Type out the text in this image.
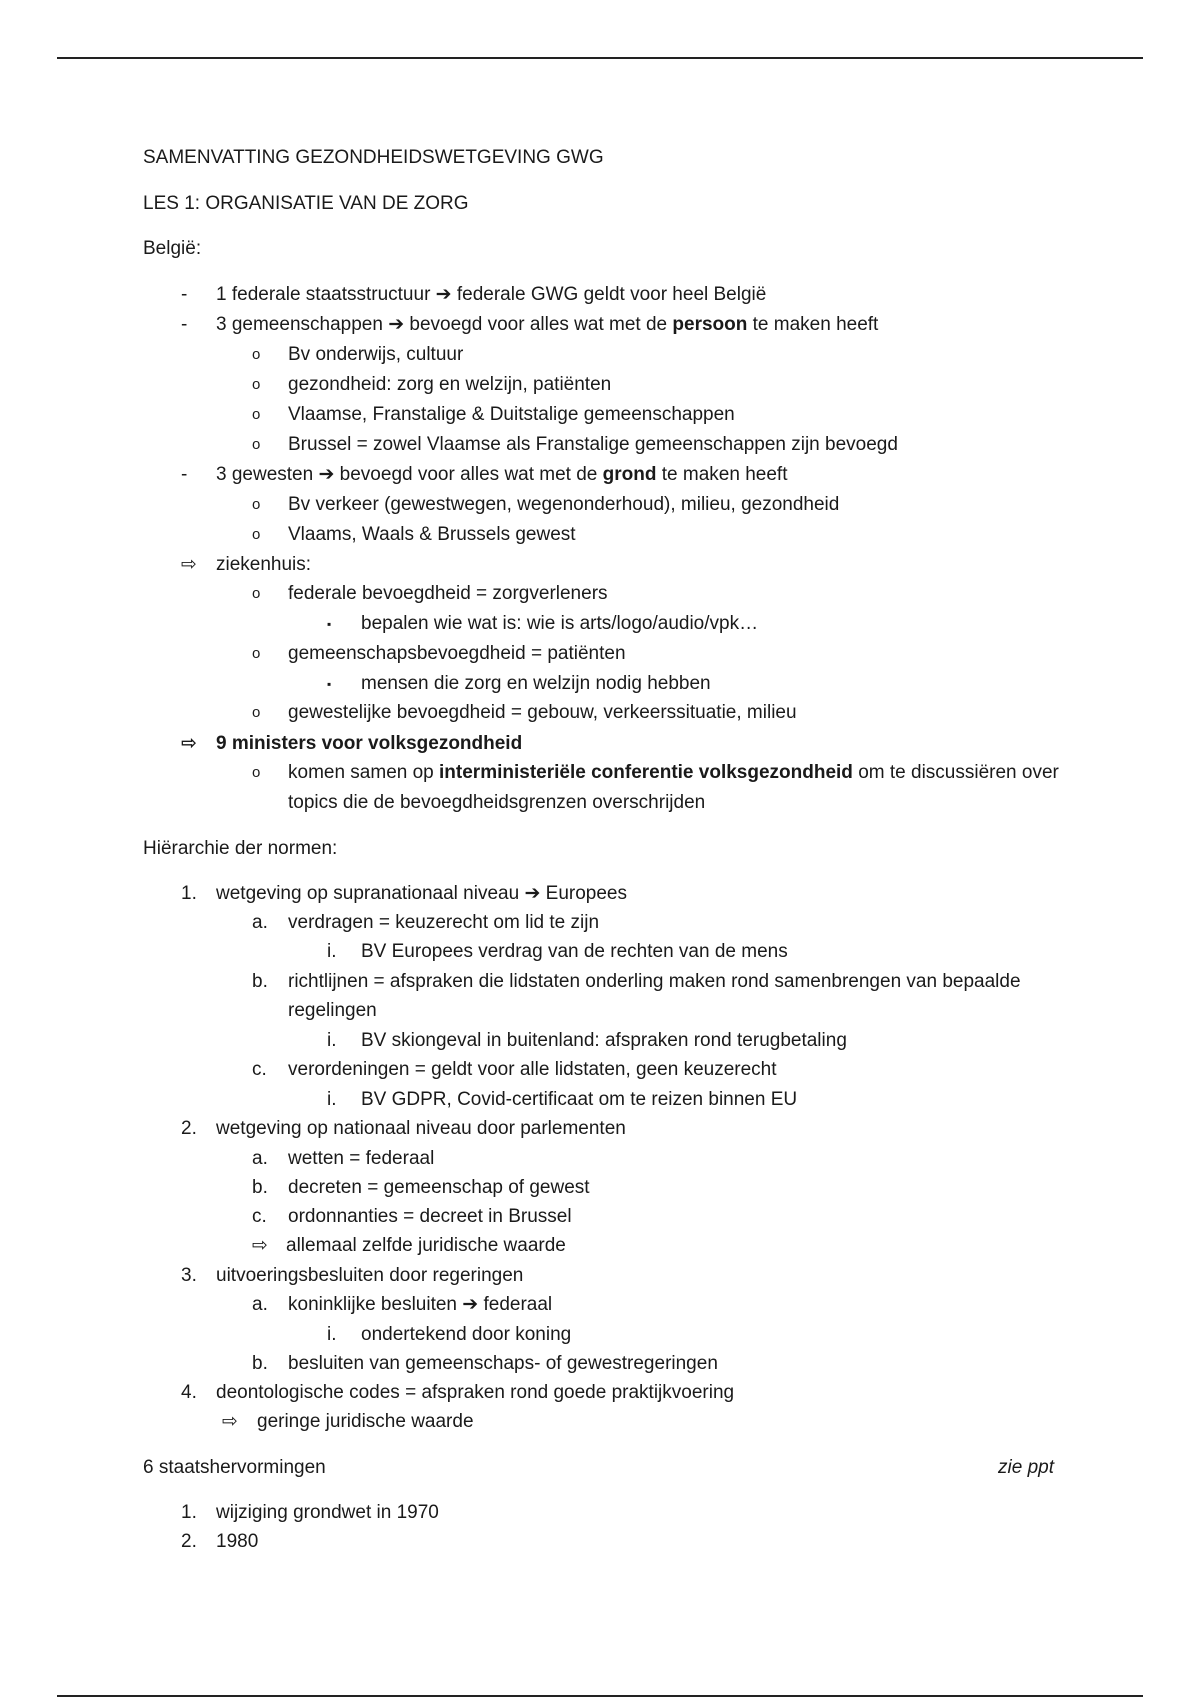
SAMENVATTING GEZONDHEIDSWETGEVING GWG
LES 1: ORGANISATIE VAN DE ZORG
België:
- 1 federale staatsstructuur ➔ federale GWG geldt voor heel België
- 3 gemeenschappen ➔ bevoegd voor alles wat met de persoon te maken heeft
o Bv onderwijs, cultuur
o gezondheid: zorg en welzijn, patiënten
o Vlaamse, Franstalige & Duitstalige gemeenschappen
o Brussel = zowel Vlaamse als Franstalige gemeenschappen zijn bevoegd
- 3 gewesten ➔ bevoegd voor alles wat met de grond te maken heeft
o Bv verkeer (gewestwegen, wegenonderhoud), milieu, gezondheid
o Vlaams, Waals & Brussels gewest
⇨ ziekenhuis:
o federale bevoegdheid = zorgverleners
▪ bepalen wie wat is: wie is arts/logo/audio/vpk…
o gemeenschapsbevoegdheid = patiënten
▪ mensen die zorg en welzijn nodig hebben
o gewestelijke bevoegdheid = gebouw, verkeerssituatie, milieu
⇨ 9 ministers voor volksgezondheid
o komen samen op interministeriële conferentie volksgezondheid om te discussiëren over
topics die de bevoegdheidsgrenzen overschrijden
Hiërarchie der normen:
1. wetgeving op supranationaal niveau ➔ Europees
a. verdragen = keuzerecht om lid te zijn
i. BV Europees verdrag van de rechten van de mens
b. richtlijnen = afspraken die lidstaten onderling maken rond samenbrengen van bepaalde
regelingen
i. BV skiongeval in buitenland: afspraken rond terugbetaling
c. verordeningen = geldt voor alle lidstaten, geen keuzerecht
i. BV GDPR, Covid-certificaat om te reizen binnen EU
2. wetgeving op nationaal niveau door parlementen
a. wetten = federaal
b. decreten = gemeenschap of gewest
c. ordonnanties = decreet in Brussel
⇨ allemaal zelfde juridische waarde
3. uitvoeringsbesluiten door regeringen
a. koninklijke besluiten ➔ federaal
i. ondertekend door koning
b. besluiten van gemeenschaps- of gewestregeringen
4. deontologische codes = afspraken rond goede praktijkvoering
⇨ geringe juridische waarde
6 staatshervormingen	zie ppt
1. wijziging grondwet in 1970
2. 1980
